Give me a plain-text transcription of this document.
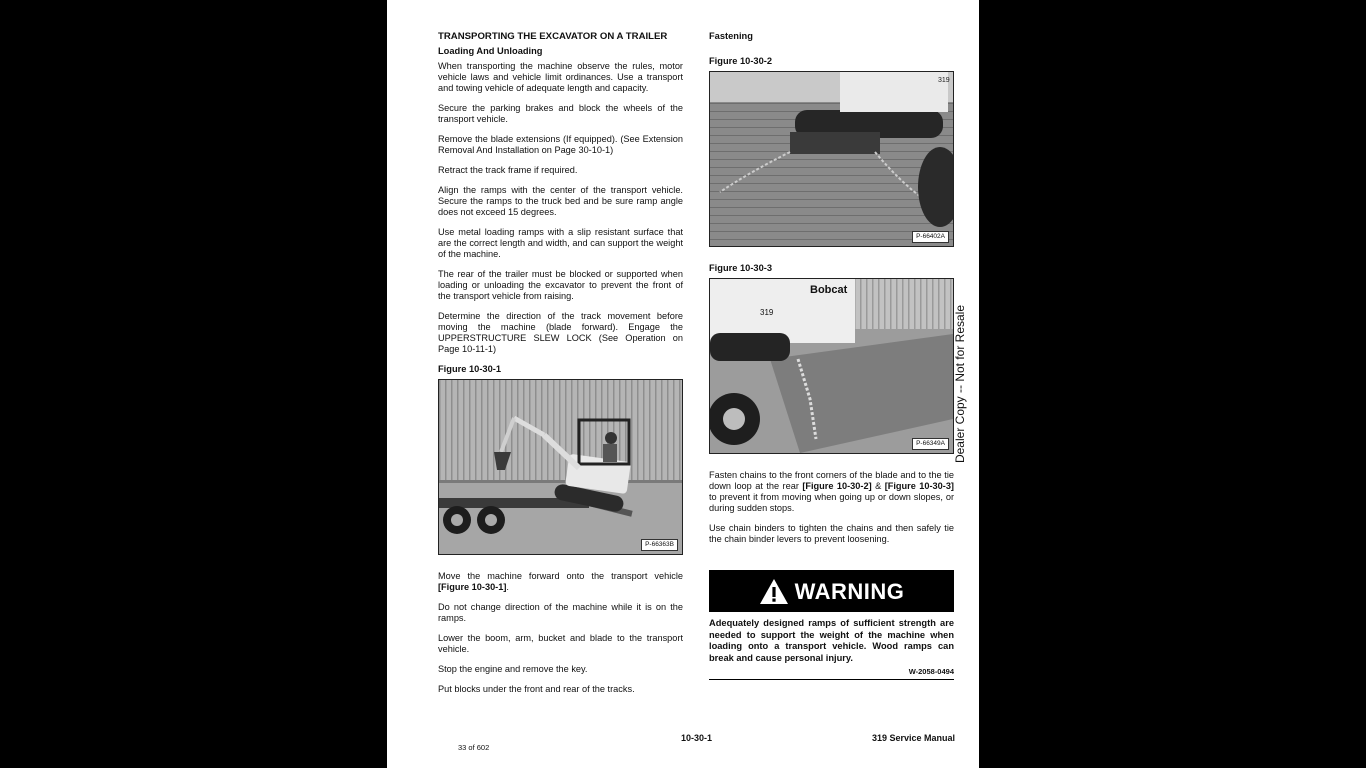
TRANSPORTING THE EXCAVATOR ON A TRAILER
Loading And Unloading

When transporting the machine observe the rules, motor vehicle laws and vehicle limit ordinances. Use a transport and towing vehicle of adequate length and capacity.

Secure the parking brakes and block the wheels of the transport vehicle.

Remove the blade extensions (If equipped). (See Extension Removal And Installation on Page 30-10-1)

Retract the track frame if required.

Align the ramps with the center of the transport vehicle. Secure the ramps to the truck bed and be sure ramp angle does not exceed 15 degrees.

Use metal loading ramps with a slip resistant surface that are the correct length and width, and can support the weight of the machine.

The rear of the trailer must be blocked or supported when loading or unloading the excavator to prevent the front of the transport vehicle from raising.

Determine the direction of the track movement before moving the machine (blade forward). Engage the UPPERSTRUCTURE SLEW LOCK (See Operation on Page 10-11-1)

Figure 10-30-1
P-66363B

Move the machine forward onto the transport vehicle [Figure 10-30-1].

Do not change direction of the machine while it is on the ramps.

Lower the boom, arm, bucket and blade to the transport vehicle.

Stop the engine and remove the key.

Put blocks under the front and rear of the tracks.

Fastening
Figure 10-30-2
319
P-66402A
Figure 10-30-3
Bobcat
319
P-66349A

Fasten chains to the front corners of the blade and to the tie down loop at the rear [Figure 10-30-2] & [Figure 10-30-3] to prevent it from moving when going up or down slopes, or during sudden stops.

Use chain binders to tighten the chains and then safely tie the chain binder levers to prevent loosening.

WARNING
Adequately designed ramps of sufficient strength are needed to support the weight of the machine when loading onto a transport vehicle. Wood ramps can break and cause personal injury.
W-2058-0494
33 of 602
10-30-1	319 Service Manual
Dealer Copy -- Not for Resale
